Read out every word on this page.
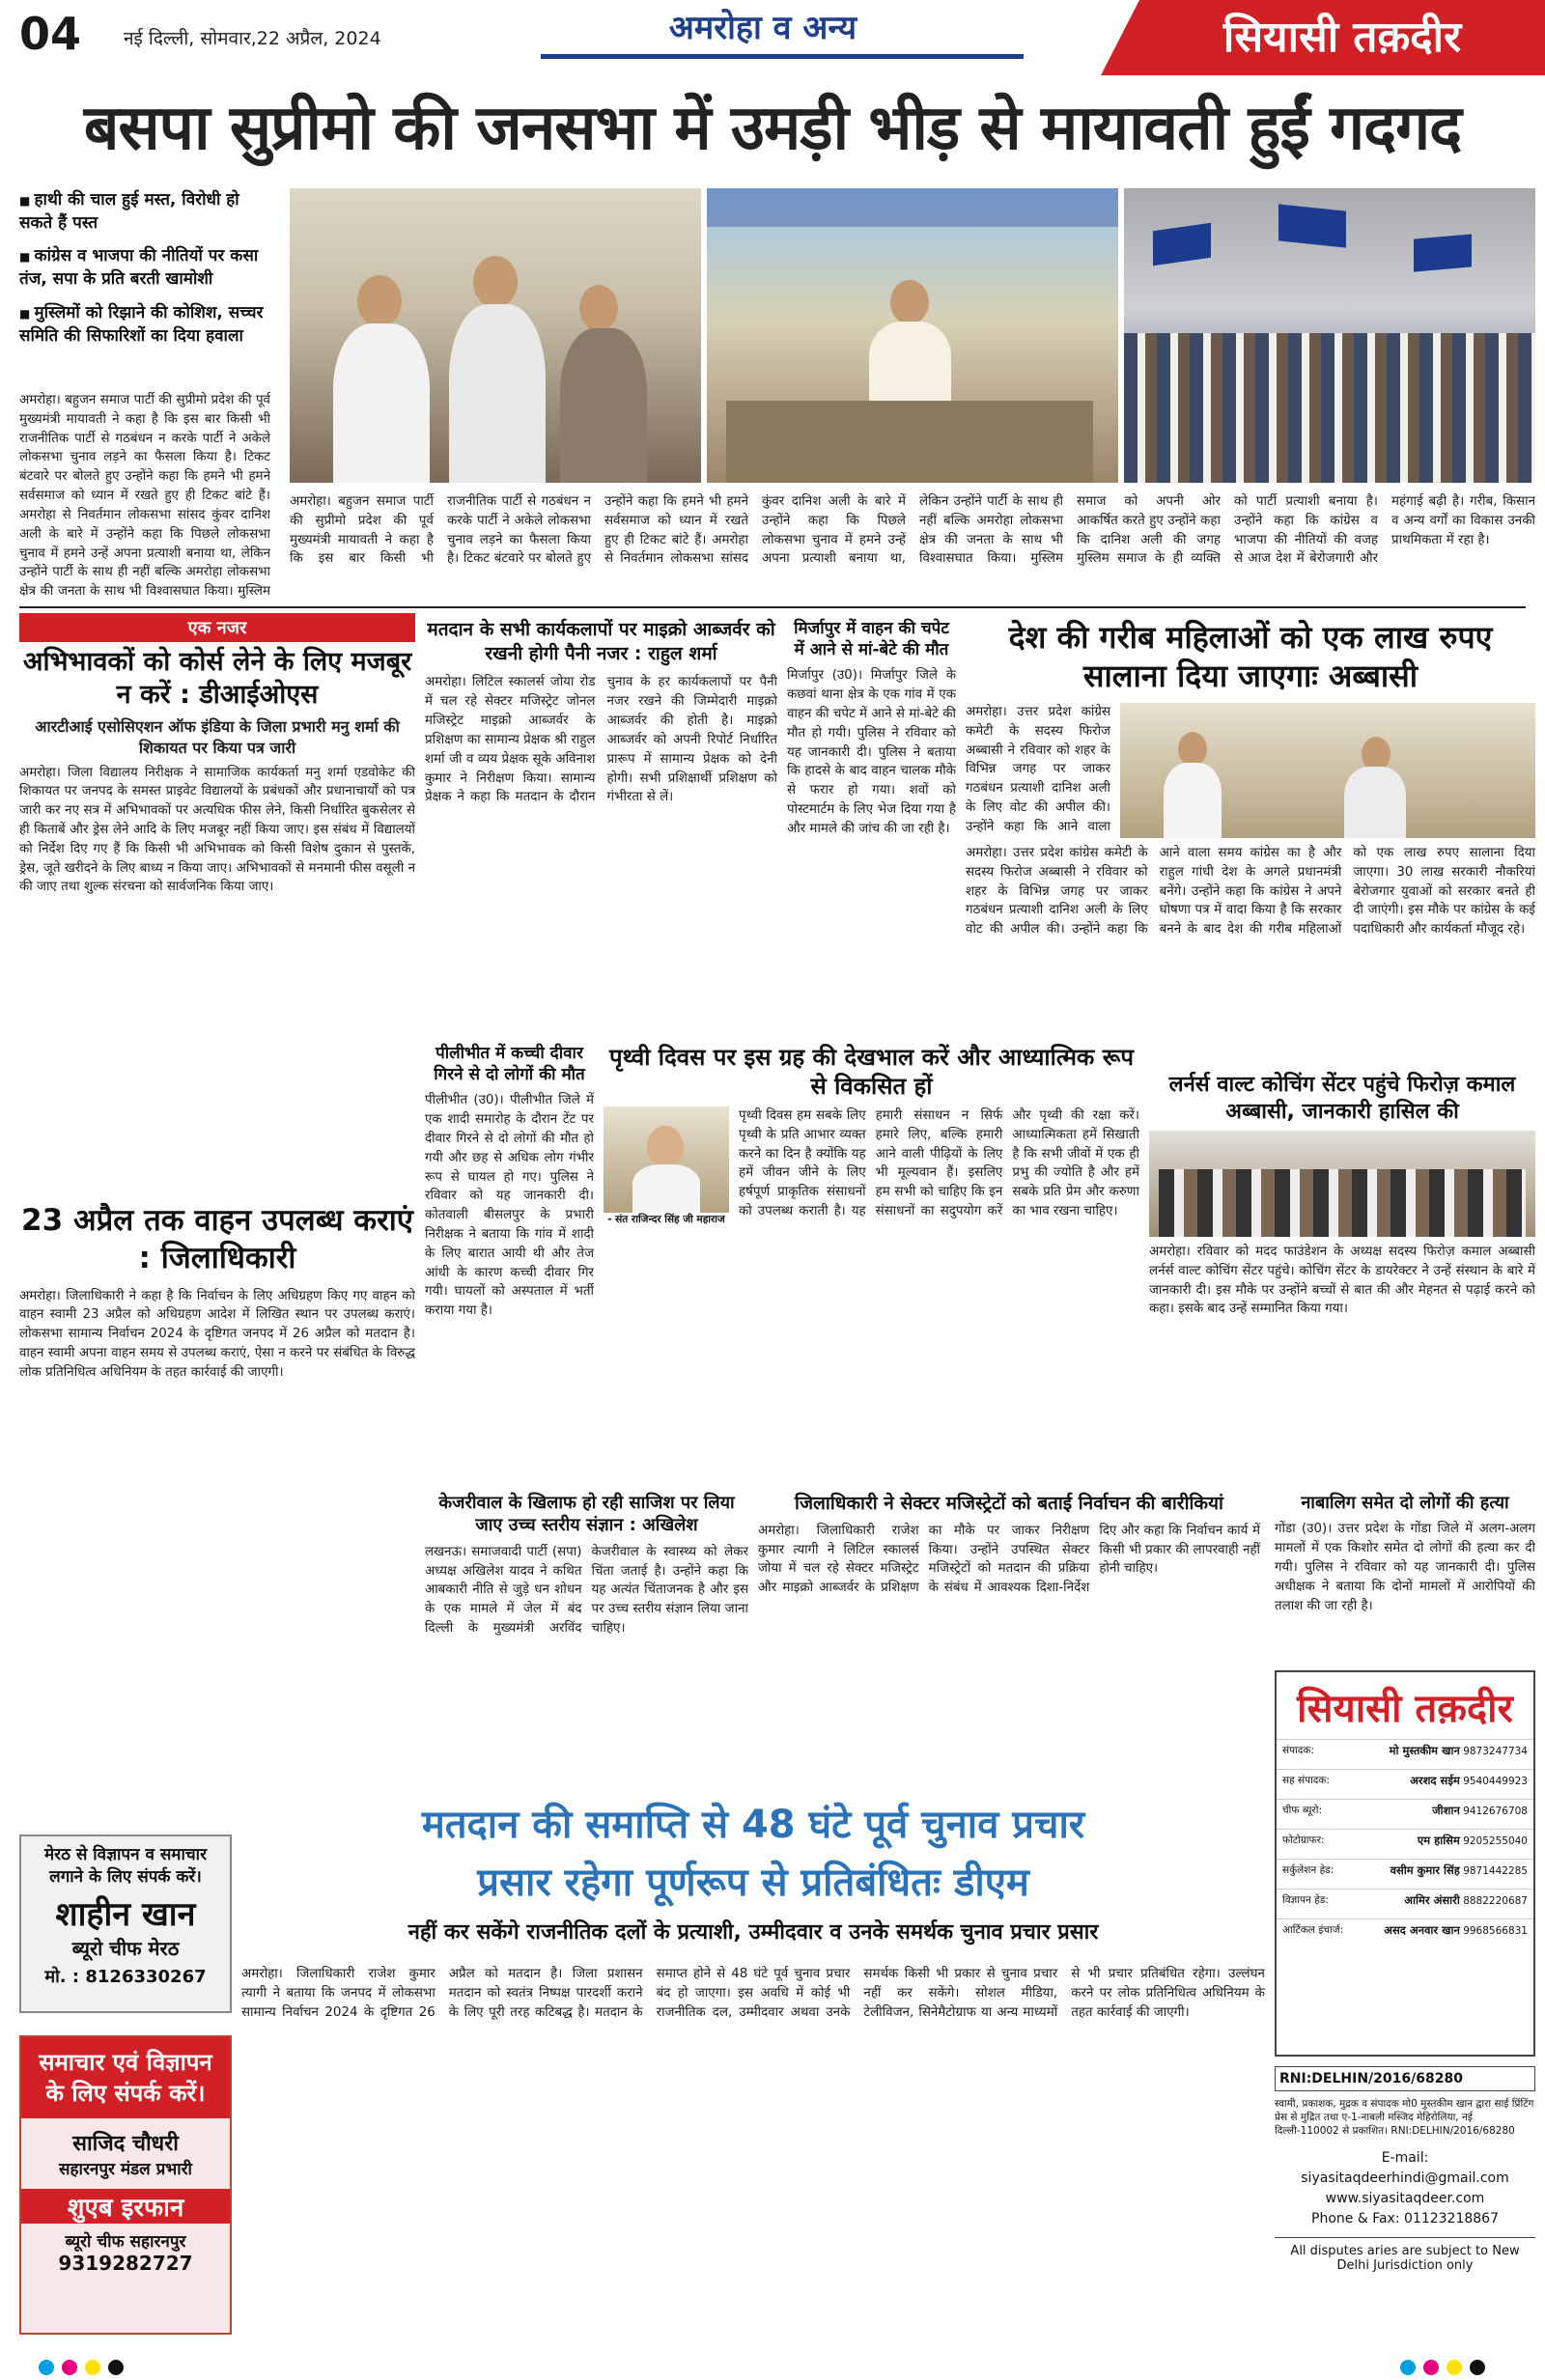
04 नई दिल्ली, सोमवार,22 अप्रैल, 2024	अमरोहा व अन्य	सियासी तक़दीर
बसपा सुप्रीमो की जनसभा में उमड़ी भीड़ से मायावती हुईं गदगद
■ हाथी की चाल हुई मस्त, विरोधी हो सकते हैं पस्त
■ कांग्रेस व भाजपा की नीतियों पर कसा तंज, सपा के प्रति बरती खामोशी
■ मुस्लिमों को रिझाने की कोशिश, सच्चर समिति की सिफारिशों का दिया हवाला
अमरोहा। बहुजन समाज पार्टी की सुप्रीमो प्रदेश की पूर्व मुख्यमंत्री मायावती ने कहा है कि इस बार किसी भी राजनीतिक पार्टी से गठबंधन न करके पार्टी ने अकेले लोकसभा चुनाव लड़ने का फैसला किया है। टिकट बंटवारे पर बोलते हुए उन्होंने कहा कि हमने भी हमने सर्वसमाज को ध्यान में रखते हुए ही टिकट बांटे हैं। अमरोहा से निवर्तमान लोकसभा सांसद कुंवर दानिश अली के बारे में उन्होंने कहा कि पिछले लोकसभा चुनाव में हमने उन्हें अपना प्रत्याशी बनाया था, लेकिन उन्होंने पार्टी के साथ ही नहीं बल्कि अमरोहा लोकसभा क्षेत्र की जनता के साथ भी विश्वासघात किया। मुस्लिम
अमरोहा। बहुजन समाज पार्टी की सुप्रीमो प्रदेश की पूर्व मुख्यमंत्री मायावती ने कहा है कि इस बार किसी भी राजनीतिक पार्टी से गठबंधन न करके पार्टी ने अकेले लोकसभा चुनाव लड़ने का फैसला किया है। टिकट बंटवारे पर बोलते हुए उन्होंने कहा कि हमने भी हमने सर्वसमाज को ध्यान में रखते हुए ही टिकट बांटे हैं। अमरोहा से निवर्तमान लोकसभा सांसद कुंवर दानिश अली के बारे में उन्होंने कहा कि पिछले लोकसभा चुनाव में हमने उन्हें अपना प्रत्याशी बनाया था, लेकिन उन्होंने पार्टी के साथ ही नहीं बल्कि अमरोहा लोकसभा क्षेत्र की जनता के साथ भी विश्वासघात किया। मुस्लिम समाज को अपनी ओर आकर्षित करते हुए उन्होंने कहा कि दानिश अली की जगह मुस्लिम समाज के ही व्यक्ति को पार्टी प्रत्याशी बनाया है। उन्होंने कहा कि कांग्रेस व भाजपा की नीतियों की वजह से आज देश में बेरोजगारी और महंगाई बढ़ी है। गरीब, किसान व अन्य वर्गों का विकास उनकी प्राथमिकता में रहा है।
एक नजर
अभिभावकों को कोर्स लेने के लिए मजबूर न करें : डीआईओएस
आरटीआई एसोसिएशन ऑफ इंडिया के जिला प्रभारी मनु शर्मा की शिकायत पर किया पत्र जारी
अमरोहा। जिला विद्यालय निरीक्षक ने सामाजिक कार्यकर्ता मनु शर्मा एडवोकेट की शिकायत पर जनपद के समस्त प्राइवेट विद्यालयों के प्रबंधकों और प्रधानाचार्यों को पत्र जारी कर नए सत्र में अभिभावकों पर अत्यधिक फीस लेने, किसी निर्धारित बुकसेलर से ही किताबें और ड्रेस लेने आदि के लिए मजबूर नहीं किया जाए। इस संबंध में विद्यालयों को निर्देश दिए गए हैं कि किसी भी अभिभावक को किसी विशेष दुकान से पुस्तकें, ड्रेस, जूते खरीदने के लिए बाध्य न किया जाए। अभिभावकों से मनमानी फीस वसूली न की जाए तथा शुल्क संरचना को सार्वजनिक किया जाए।
23 अप्रैल तक वाहन उपलब्ध कराएं : जिलाधिकारी
अमरोहा। जिलाधिकारी ने कहा है कि निर्वाचन के लिए अधिग्रहण किए गए वाहन को वाहन स्वामी 23 अप्रैल को अधिग्रहण आदेश में लिखित स्थान पर उपलब्ध कराएं। लोकसभा सामान्य निर्वाचन 2024 के दृष्टिगत जनपद में 26 अप्रैल को मतदान है। वाहन स्वामी अपना वाहन समय से उपलब्ध कराएं, ऐसा न करने पर संबंधित के विरुद्ध लोक प्रतिनिधित्व अधिनियम के तहत कार्रवाई की जाएगी।
मतदान के सभी कार्यकलापों पर माइक्रो आब्जर्वर को रखनी होगी पैनी नजर : राहुल शर्मा
अमरोहा। लिटिल स्कालर्स जोया रोड में चल रहे सेक्टर मजिस्ट्रेट जोनल मजिस्ट्रेट माइक्रो आब्जर्वर के प्रशिक्षण का सामान्य प्रेक्षक श्री राहुल शर्मा जी व व्यय प्रेक्षक सूके अविनाश कुमार ने निरीक्षण किया। सामान्य प्रेक्षक ने कहा कि मतदान के दौरान चुनाव के हर कार्यकलापों पर पैनी नजर रखने की जिम्मेदारी माइक्रो आब्जर्वर की होती है। माइक्रो आब्जर्वर को अपनी रिपोर्ट निर्धारित प्रारूप में सामान्य प्रेक्षक को देनी होगी। सभी प्रशिक्षार्थी प्रशिक्षण को गंभीरता से लें।
मिर्जापुर में वाहन की चपेट में आने से मां-बेटे की मौत
मिर्जापुर (उ0)। मिर्जापुर जिले के कछवां थाना क्षेत्र के एक गांव में एक वाहन की चपेट में आने से मां-बेटे की मौत हो गयी। पुलिस ने रविवार को यह जानकारी दी। पुलिस ने बताया कि हादसे के बाद वाहन चालक मौके से फरार हो गया। शवों को पोस्टमार्टम के लिए भेज दिया गया है और मामले की जांच की जा रही है।
देश की गरीब महिलाओं को एक लाख रुपए सालाना दिया जाएगाः अब्बासी
अमरोहा। उत्तर प्रदेश कांग्रेस कमेटी के सदस्य फिरोज अब्बासी ने रविवार को शहर के विभिन्न जगह पर जाकर गठबंधन प्रत्याशी दानिश अली के लिए वोट की अपील की। उन्होंने कहा कि आने वाला
अमरोहा। उत्तर प्रदेश कांग्रेस कमेटी के सदस्य फिरोज अब्बासी ने रविवार को शहर के विभिन्न जगह पर जाकर गठबंधन प्रत्याशी दानिश अली के लिए वोट की अपील की। उन्होंने कहा कि आने वाला समय कांग्रेस का है और राहुल गांधी देश के अगले प्रधानमंत्री बनेंगे। उन्होंने कहा कि कांग्रेस ने अपने घोषणा पत्र में वादा किया है कि सरकार बनने के बाद देश की गरीब महिलाओं को एक लाख रुपए सालाना दिया जाएगा। 30 लाख सरकारी नौकरियां बेरोजगार युवाओं को सरकार बनते ही दी जाएंगी। इस मौके पर कांग्रेस के कई पदाधिकारी और कार्यकर्ता मौजूद रहे।
पीलीभीत में कच्ची दीवार गिरने से दो लोगों की मौत
पीलीभीत (उ0)। पीलीभीत जिले में एक शादी समारोह के दौरान टेंट पर दीवार गिरने से दो लोगों की मौत हो गयी और छह से अधिक लोग गंभीर रूप से घायल हो गए। पुलिस ने रविवार को यह जानकारी दी। कोतवाली बीसलपुर के प्रभारी निरीक्षक ने बताया कि गांव में शादी के लिए बारात आयी थी और तेज आंधी के कारण कच्ची दीवार गिर गयी। घायलों को अस्पताल में भर्ती कराया गया है।
पृथ्वी दिवस पर इस ग्रह की देखभाल करें और आध्यात्मिक रूप से विकसित हों
- संत राजिन्दर सिंह जी महाराज
पृथ्वी दिवस हम सबके लिए पृथ्वी के प्रति आभार व्यक्त करने का दिन है क्योंकि यह हमें जीवन जीने के लिए हर्षपूर्ण प्राकृतिक संसाधनों को उपलब्ध कराती है। यह हमारी संसाधन न सिर्फ हमारे लिए, बल्कि हमारी आने वाली पीढ़ियों के लिए भी मूल्यवान हैं। इसलिए हम सभी को चाहिए कि इन संसाधनों का सदुपयोग करें और पृथ्वी की रक्षा करें। आध्यात्मिकता हमें सिखाती है कि सभी जीवों में एक ही प्रभु की ज्योति है और हमें सबके प्रति प्रेम और करुणा का भाव रखना चाहिए।
लर्नर्स वाल्ट कोचिंग सेंटर पहुंचे फिरोज़ कमाल अब्बासी, जानकारी हासिल की
अमरोहा। रविवार को मदद फाउंडेशन के अध्यक्ष सदस्य फिरोज़ कमाल अब्बासी लर्नर्स वाल्ट कोचिंग सेंटर पहुंचे। कोचिंग सेंटर के डायरेक्टर ने उन्हें संस्थान के बारे में जानकारी दी। इस मौके पर उन्होंने बच्चों से बात की और मेहनत से पढ़ाई करने को कहा। इसके बाद उन्हें सम्मानित किया गया।
केजरीवाल के खिलाफ हो रही साजिश पर लिया जाए उच्च स्तरीय संज्ञान : अखिलेश
लखनऊ। समाजवादी पार्टी (सपा) अध्यक्ष अखिलेश यादव ने कथित आबकारी नीति से जुड़े धन शोधन के एक मामले में जेल में बंद दिल्ली के मुख्यमंत्री अरविंद केजरीवाल के स्वास्थ्य को लेकर चिंता जताई है। उन्होंने कहा कि यह अत्यंत चिंताजनक है और इस पर उच्च स्तरीय संज्ञान लिया जाना चाहिए।
जिलाधिकारी ने सेक्टर मजिस्ट्रेटों को बताई निर्वाचन की बारीकियां
अमरोहा। जिलाधिकारी राजेश कुमार त्यागी ने लिटिल स्कालर्स जोया में चल रहे सेक्टर मजिस्ट्रेट और माइक्रो आब्जर्वर के प्रशिक्षण का मौके पर जाकर निरीक्षण किया। उन्होंने उपस्थित सेक्टर मजिस्ट्रेटों को मतदान की प्रक्रिया के संबंध में आवश्यक दिशा-निर्देश दिए और कहा कि निर्वाचन कार्य में किसी भी प्रकार की लापरवाही नहीं होनी चाहिए।
नाबालिग समेत दो लोगों की हत्या
गोंडा (उ0)। उत्तर प्रदेश के गोंडा जिले में अलग-अलग मामलों में एक किशोर समेत दो लोगों की हत्या कर दी गयी। पुलिस ने रविवार को यह जानकारी दी। पुलिस अधीक्षक ने बताया कि दोनों मामलों में आरोपियों की तलाश की जा रही है।
सियासी तक़दीर
संपादक:	मो मुस्तकीम खान 9873247734
सह संपादक:	अरशद सईम 9540449923
चीफ ब्यूरो:	जीशान 9412676708
फोटोग्राफर:	एम हासिम 9205255040
सर्कुलेशन हेड:	वसीम कुमार सिंह 9871442285
विज्ञापन हेड:	आमिर अंसारी 8882220687
आर्टिकल इंचार्ज:	असद अनवार खान 9968566831
RNI:DELHIN/2016/68280
स्वामी, प्रकाशक, मुद्रक व संपादक मो0 मुस्तकीम खान द्वारा साई प्रिंटिंग प्रेस से मुद्रित तथा ए-1-नाबली मस्जिद मेहिरोलिया, नई दिल्ली-110002 से प्रकाशित। RNI:DELHIN/2016/68280
E-mail:
siyasitaqdeerhindi@gmail.com
www.siyasitaqdeer.com
Phone & Fax: 01123218867
All disputes aries are subject to New Delhi Jurisdiction only
मेरठ से विज्ञापन व समाचार लगाने के लिए संपर्क करें।
शाहीन खान
ब्यूरो चीफ मेरठ
मो. : 8126330267
समाचार एवं विज्ञापन के लिए संपर्क करें।
साजिद चौधरी
सहारनपुर मंडल प्रभारी
शुएब इरफान
ब्यूरो चीफ सहारनपुर
9319282727
मतदान की समाप्ति से 48 घंटे पूर्व चुनाव प्रचार
प्रसार रहेगा पूर्णरूप से प्रतिबंधितः डीएम
नहीं कर सकेंगे राजनीतिक दलों के प्रत्याशी, उम्मीदवार व उनके समर्थक चुनाव प्रचार प्रसार
अमरोहा। जिलाधिकारी राजेश कुमार त्यागी ने बताया कि जनपद में लोकसभा सामान्य निर्वाचन 2024 के दृष्टिगत 26 अप्रैल को मतदान है। जिला प्रशासन मतदान को स्वतंत्र निष्पक्ष पारदर्शी कराने के लिए पूरी तरह कटिबद्ध है। मतदान के समाप्त होने से 48 घंटे पूर्व चुनाव प्रचार बंद हो जाएगा। इस अवधि में कोई भी राजनीतिक दल, उम्मीदवार अथवा उनके समर्थक किसी भी प्रकार से चुनाव प्रचार नहीं कर सकेंगे। सोशल मीडिया, टेलीविजन, सिनेमैटोग्राफ या अन्य माध्यमों से भी प्रचार प्रतिबंधित रहेगा। उल्लंघन करने पर लोक प्रतिनिधित्व अधिनियम के तहत कार्रवाई की जाएगी।
